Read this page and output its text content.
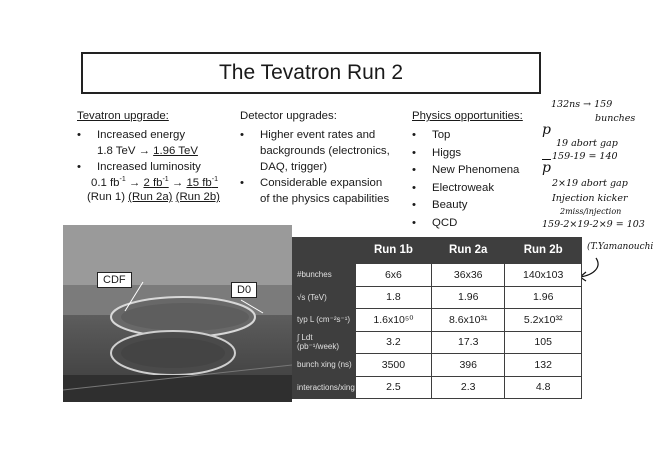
The Tevatron Run 2
Tevatron upgrade:
• Increased energy
1.8 TeV → 1.96 TeV
• Increased luminosity
0.1 $fb^{-1} \to 2$ $fb^{-1} \to 15$ $fb^{-1}$
(Run 1) (Run 2a) (Run 2b)
Detector upgrades:
• Higher event rates and
backgrounds (electronics,
DAQ, trigger)
• Considerable expansion
of the physics capabilities
Physics opportunities:
• Top
• Higgs
• New Phenomena
• Electroweak
• Beauty
• QCD
132ns → 159
bunches
p
19 abort gap
159-19 = 140
$\overline{p}$
2×19 abort gap
Injection kicker
2miss/injection
159-2×19-2×9 = 103
(T.Yamanouchi
CDF
D0
	Run 1b	Run 2a	Run 2b
#bunches	6x6	36x36	140x103
√s (TeV)	1.8	1.96	1.96
typ L (cm⁻²s⁻¹)	1.6x10⁵⁰	8.6x10³¹	5.2x10³²
∫ Ldt (pb⁻¹/week)	3.2	17.3	105
bunch xing (ns)	3500	396	132
interactions/xing	2.5	2.3	4.8
